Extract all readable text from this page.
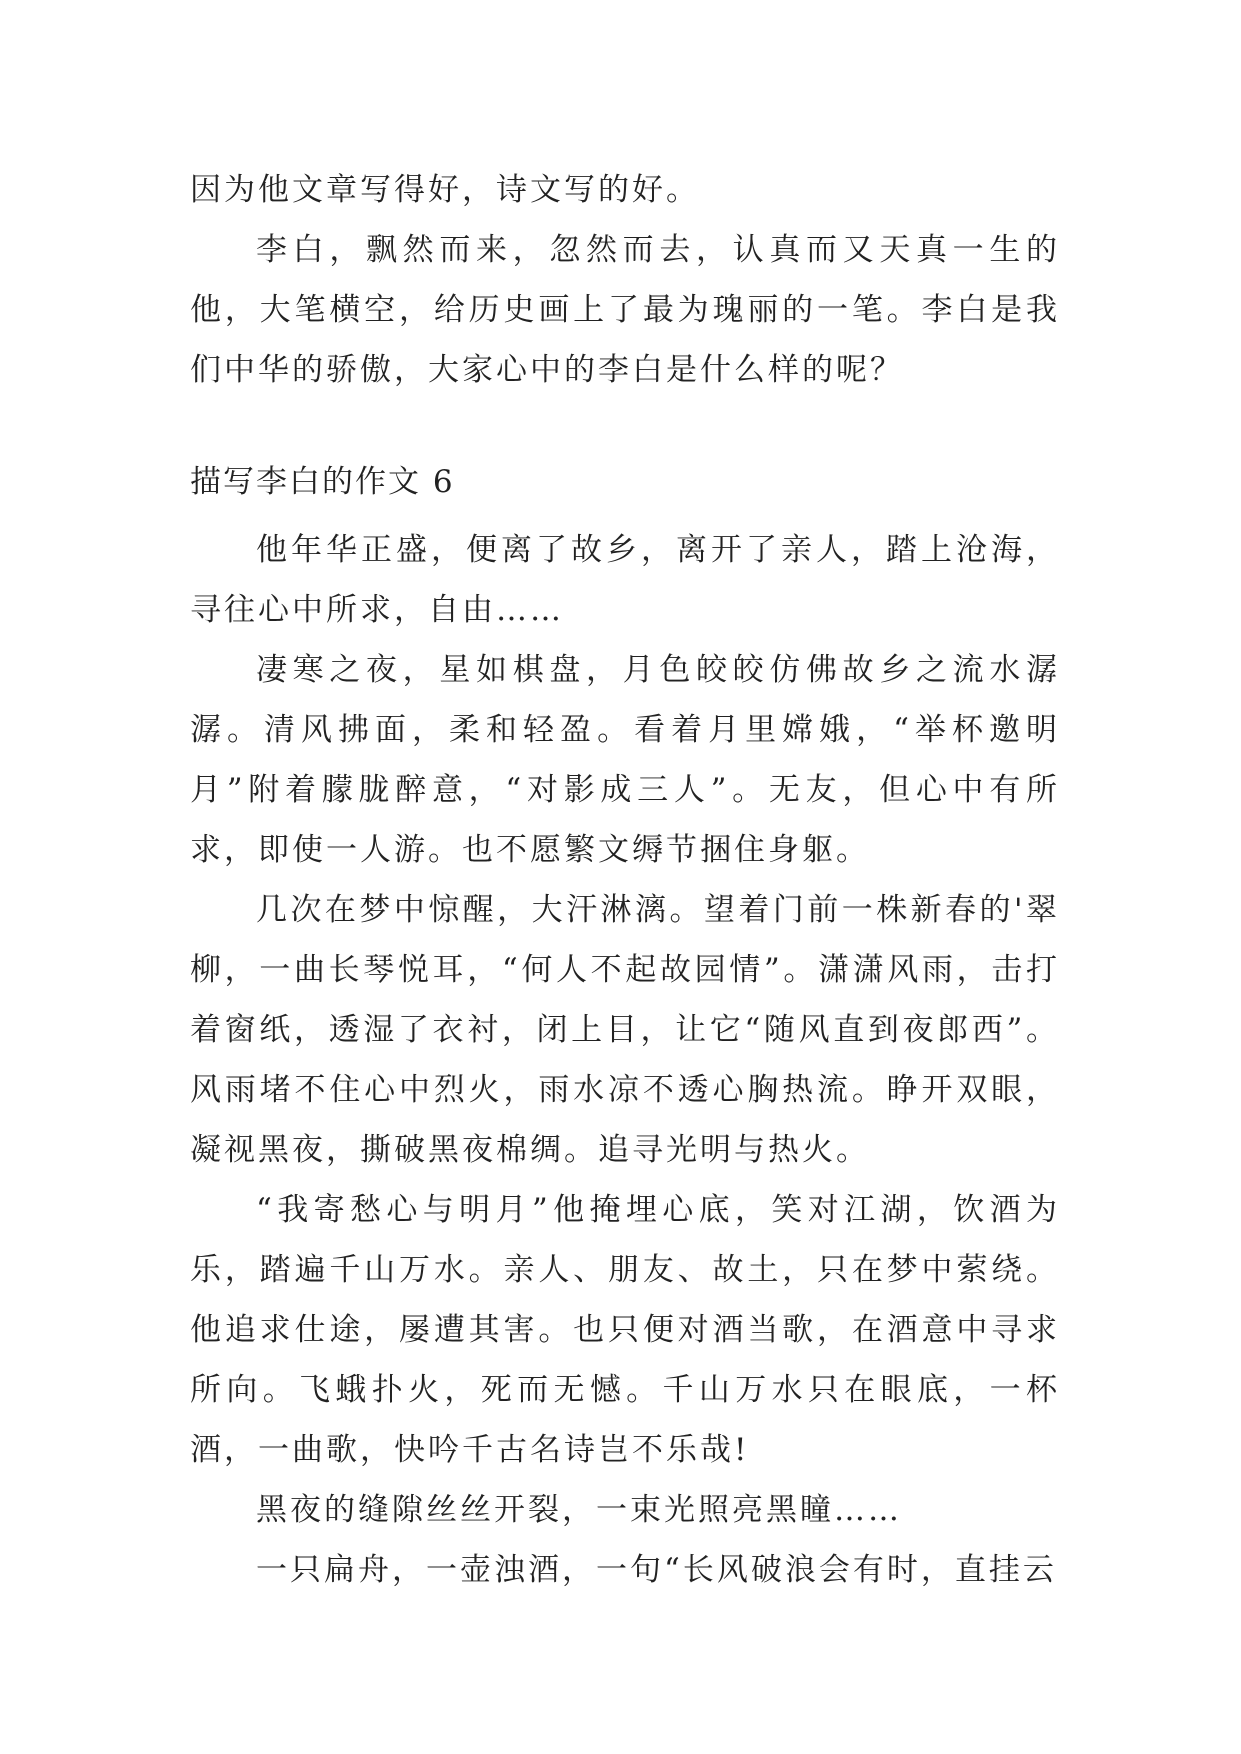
因为他文章写得好，诗文写的好。

李白，飘然而来，忽然而去，认真而又天真一生的他，大笔横空，给历史画上了最为瑰丽的一笔。李白是我们中华的骄傲，大家心中的李白是什么样的呢？

描写李白的作文 6

他年华正盛，便离了故乡，离开了亲人，踏上沧海，寻往心中所求，自由……

凄寒之夜，星如棋盘，月色皎皎仿佛故乡之流水潺潺。清风拂面，柔和轻盈。看着月里嫦娥，“举杯邀明月”附着朦胧醉意，“对影成三人”。无友，但心中有所求，即使一人游。也不愿繁文缛节捆住身躯。

几次在梦中惊醒，大汗淋漓。望着门前一株新春的'翠柳，一曲长琴悦耳，“何人不起故园情”。潇潇风雨，击打着窗纸，透湿了衣衬，闭上目，让它“随风直到夜郎西”。风雨堵不住心中烈火，雨水凉不透心胸热流。睁开双眼，凝视黑夜，撕破黑夜棉绸。追寻光明与热火。

“我寄愁心与明月”他掩埋心底，笑对江湖，饮酒为乐，踏遍千山万水。亲人、朋友、故土，只在梦中萦绕。他追求仕途，屡遭其害。也只便对酒当歌，在酒意中寻求所向。飞蛾扑火，死而无憾。千山万水只在眼底，一杯酒，一曲歌，快吟千古名诗岂不乐哉!

黑夜的缝隙丝丝开裂，一束光照亮黑瞳……

一只扁舟，一壶浊酒，一句“长风破浪会有时，直挂云
